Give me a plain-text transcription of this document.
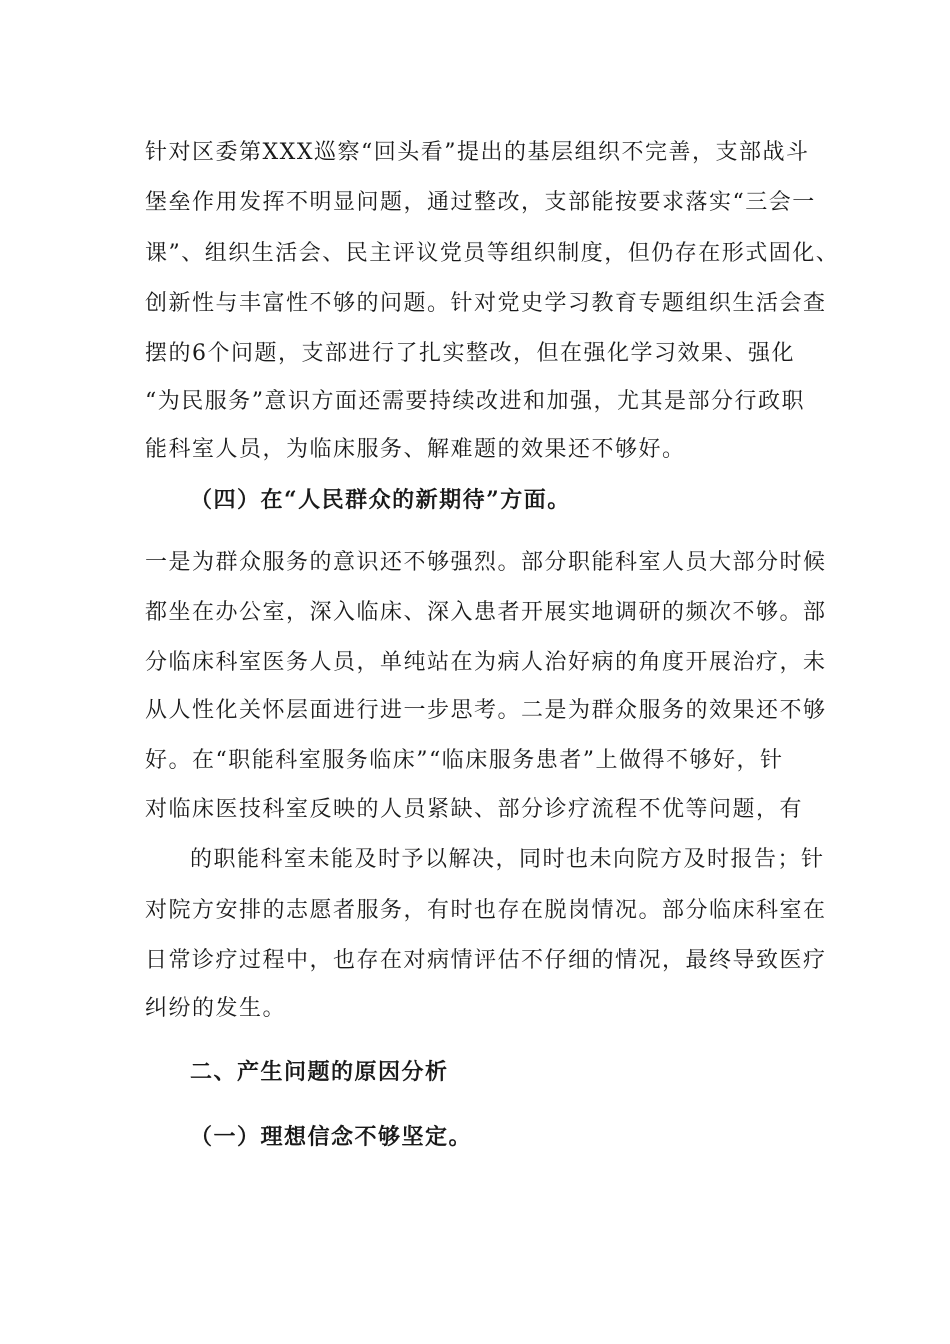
针对区委第XXX巡察“回头看”提出的基层组织不完善，支部战斗
堡垒作用发挥不明显问题，通过整改，支部能按要求落实“三会一
课”、组织生活会、民主评议党员等组织制度，但仍存在形式固化、
创新性与丰富性不够的问题。针对党史学习教育专题组织生活会查
摆的6个问题，支部进行了扎实整改，但在强化学习效果、强化
“为民服务”意识方面还需要持续改进和加强，尤其是部分行政职
能科室人员，为临床服务、解难题的效果还不够好。
（四）在“人民群众的新期待”方面。
一是为群众服务的意识还不够强烈。部分职能科室人员大部分时候
都坐在办公室，深入临床、深入患者开展实地调研的频次不够。部
分临床科室医务人员，单纯站在为病人治好病的角度开展治疗，未
从人性化关怀层面进行进一步思考。二是为群众服务的效果还不够
好。在“职能科室服务临床”“临床服务患者”上做得不够好，针
对临床医技科室反映的人员紧缺、部分诊疗流程不优等问题，有
的职能科室未能及时予以解决，同时也未向院方及时报告；针
对院方安排的志愿者服务，有时也存在脱岗情况。部分临床科室在
日常诊疗过程中，也存在对病情评估不仔细的情况，最终导致医疗
纠纷的发生。
二、产生问题的原因分析
（一）理想信念不够坚定。
